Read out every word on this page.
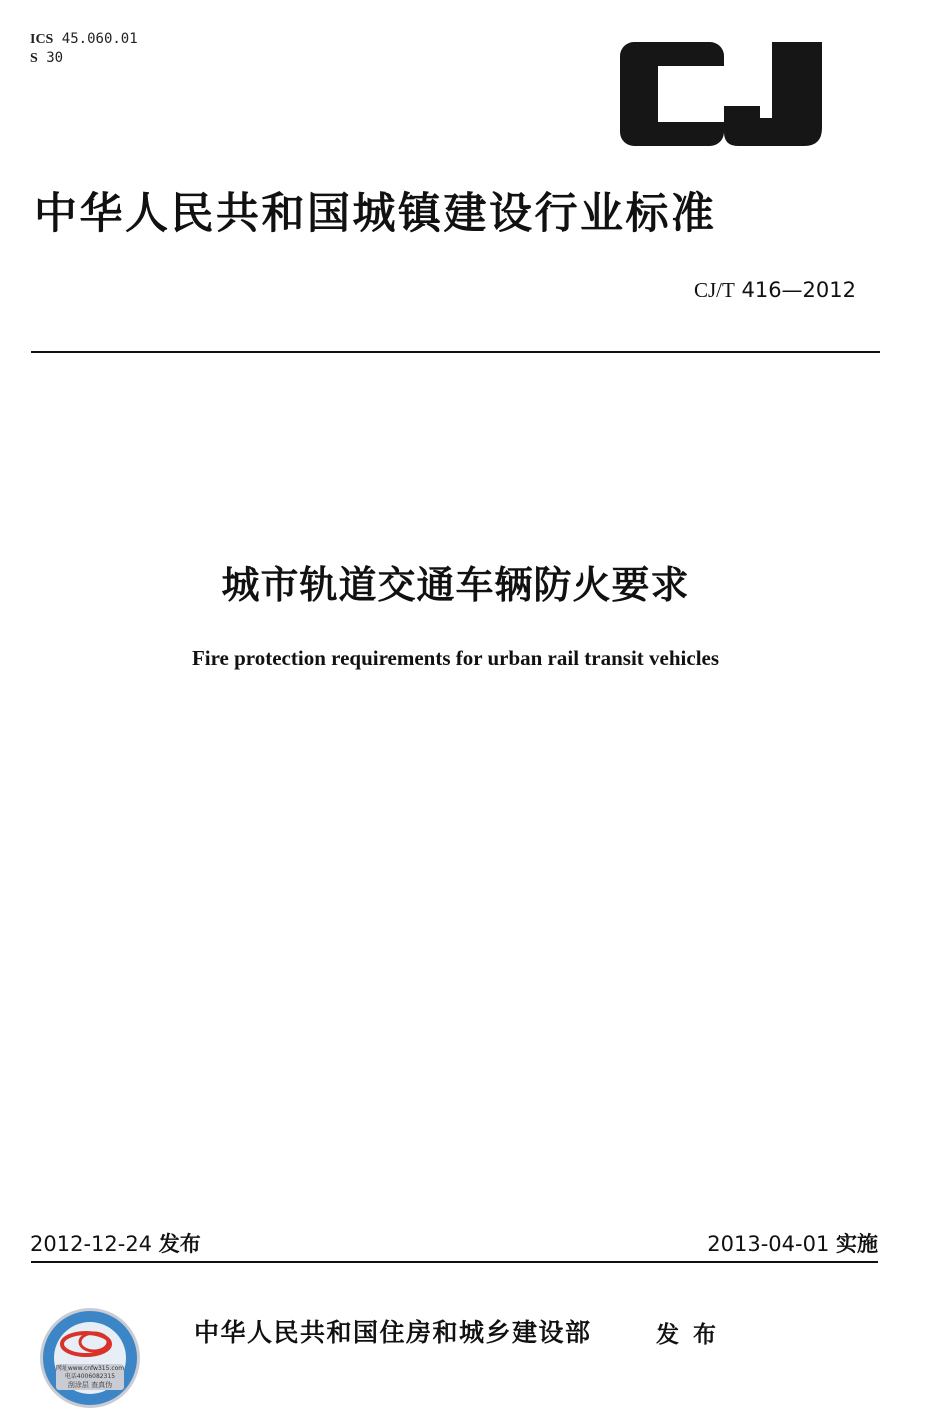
ICS 45.060.01
S 30
中华人民共和国城镇建设行业标准
CJ/T 416—2012
城市轨道交通车辆防火要求
Fire protection requirements for urban rail transit vehicles
2012-12-24 发布	2013-04-01 实施
网址www.cnfw315.com
电话4006082315
刮涂层 查真伪
中华人民共和国住房和城乡建设部	发布
